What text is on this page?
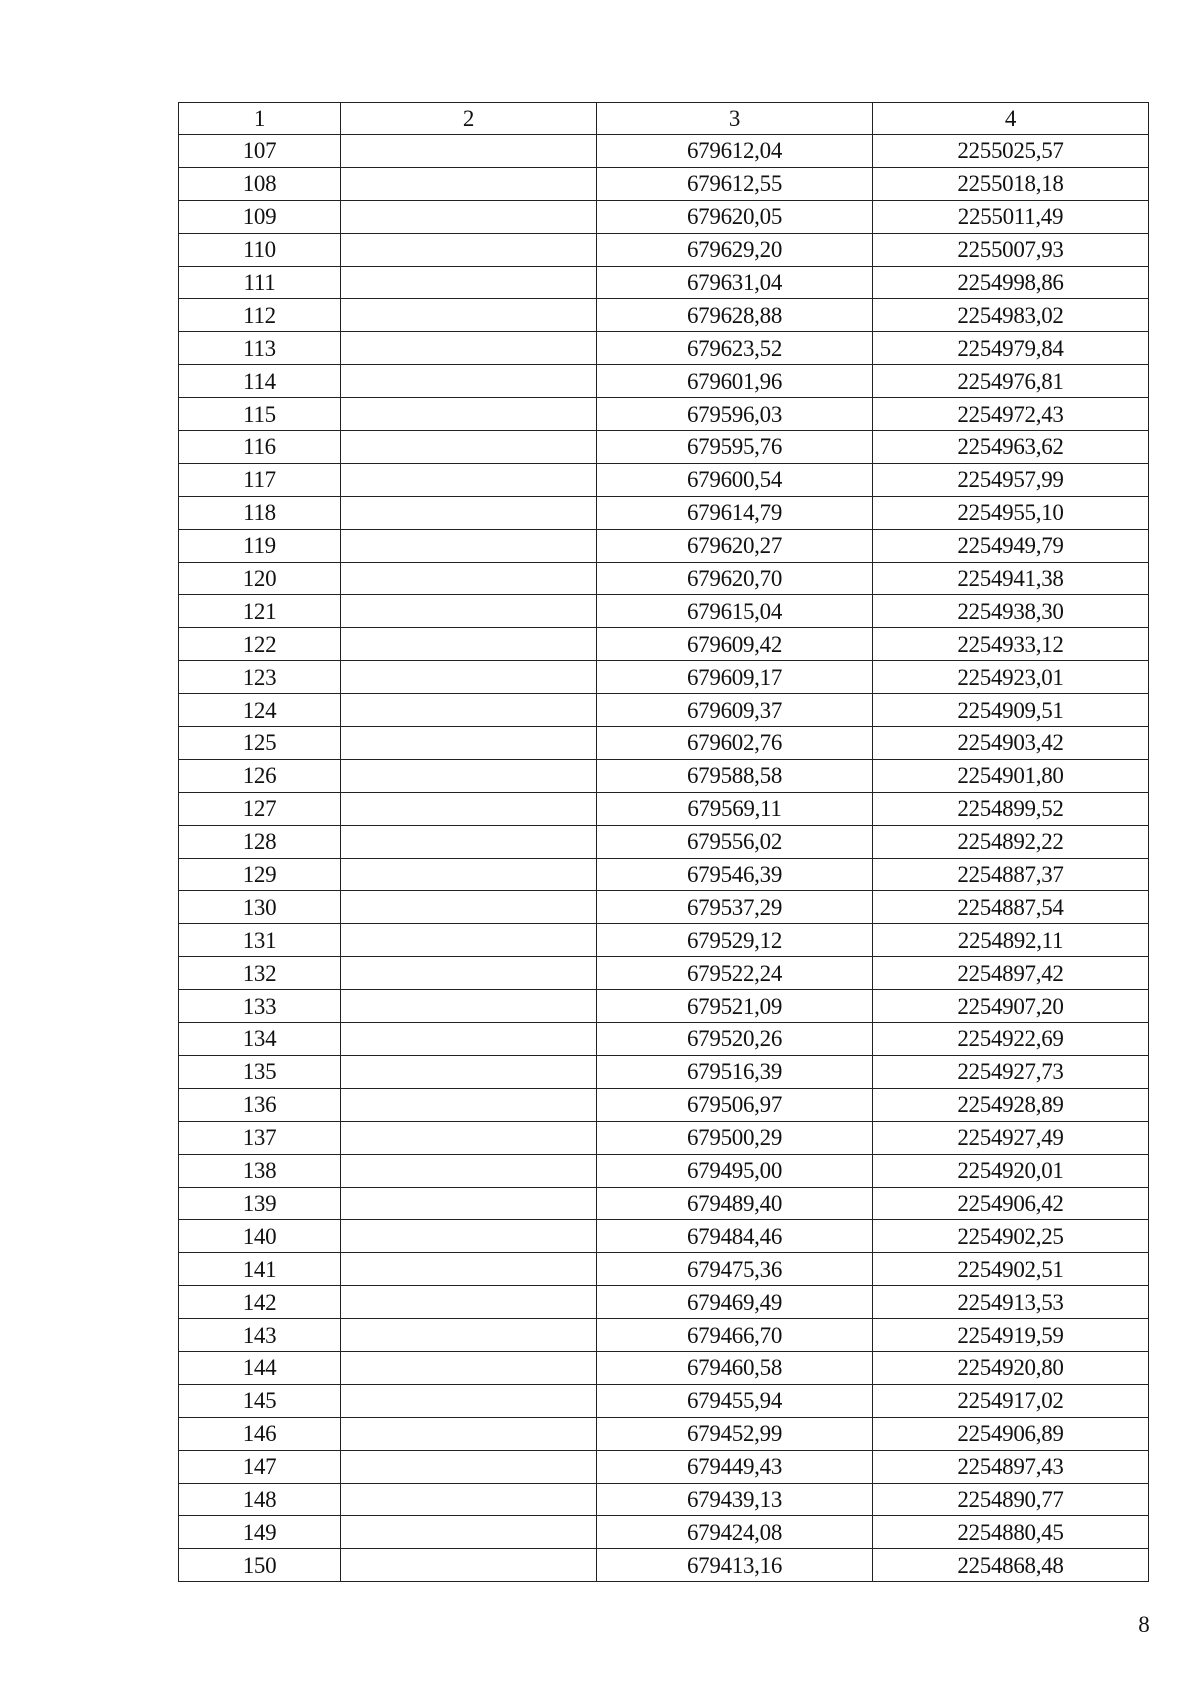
1	2	3	4
107		679612,04	2255025,57
108		679612,55	2255018,18
109		679620,05	2255011,49
110		679629,20	2255007,93
111		679631,04	2254998,86
112		679628,88	2254983,02
113		679623,52	2254979,84
114		679601,96	2254976,81
115		679596,03	2254972,43
116		679595,76	2254963,62
117		679600,54	2254957,99
118		679614,79	2254955,10
119		679620,27	2254949,79
120		679620,70	2254941,38
121		679615,04	2254938,30
122		679609,42	2254933,12
123		679609,17	2254923,01
124		679609,37	2254909,51
125		679602,76	2254903,42
126		679588,58	2254901,80
127		679569,11	2254899,52
128		679556,02	2254892,22
129		679546,39	2254887,37
130		679537,29	2254887,54
131		679529,12	2254892,11
132		679522,24	2254897,42
133		679521,09	2254907,20
134		679520,26	2254922,69
135		679516,39	2254927,73
136		679506,97	2254928,89
137		679500,29	2254927,49
138		679495,00	2254920,01
139		679489,40	2254906,42
140		679484,46	2254902,25
141		679475,36	2254902,51
142		679469,49	2254913,53
143		679466,70	2254919,59
144		679460,58	2254920,80
145		679455,94	2254917,02
146		679452,99	2254906,89
147		679449,43	2254897,43
148		679439,13	2254890,77
149		679424,08	2254880,45
150		679413,16	2254868,48
8
